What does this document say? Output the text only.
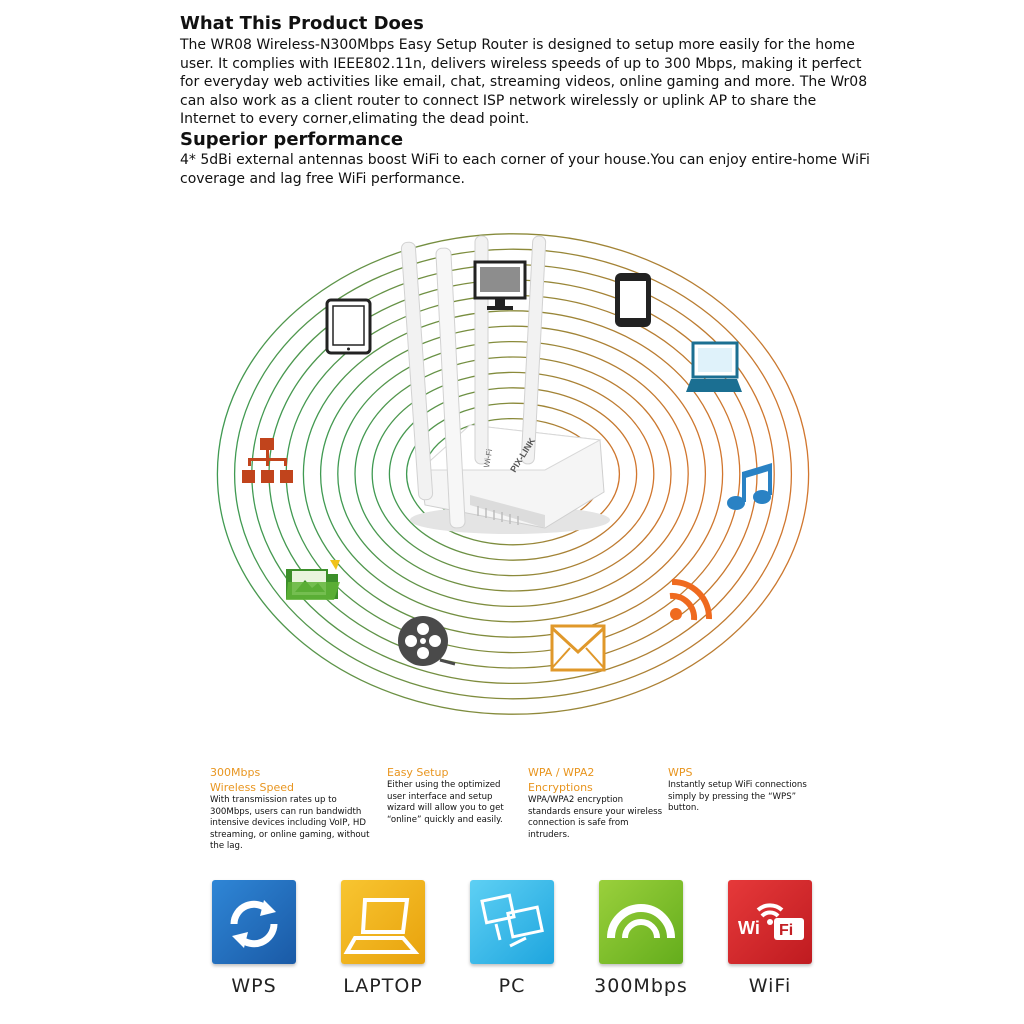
What This Product Does
The WR08 Wireless-N300Mbps Easy Setup Router is designed to setup more easily for the home
user. It complies with IEEE802.11n, delivers wireless speeds of up to 300 Mbps, making it perfect
for everyday web activities like email, chat, streaming videos, online gaming and more. The Wr08
can also work as a client router to connect ISP network wirelessly or uplink AP to share the
Internet to every corner,elimating the dead point.
Superior performance
4* 5dBi external antennas boost WiFi to each corner of your house.You can enjoy entire-home WiFi
coverage and lag free WiFi performance.
PIX-LINK
Wi-Fi
300Mbps
Wireless Speed
With transmission rates up to 300Mbps, users can run bandwidth intensive devices including VoIP, HD streaming, or online gaming, without the lag.
Easy Setup
Either using the optimized user interface and setup wizard will allow you to get “online” quickly and easily.
WPA / WPA2
Encryptions
WPA/WPA2 encryption standards ensure your wireless connection is safe from intruders.
WPS
Instantly setup WiFi connections simply by pressing the “WPS” button.
WPS	LAPTOP	PC	300Mbps
Wi Fi
WiFi
